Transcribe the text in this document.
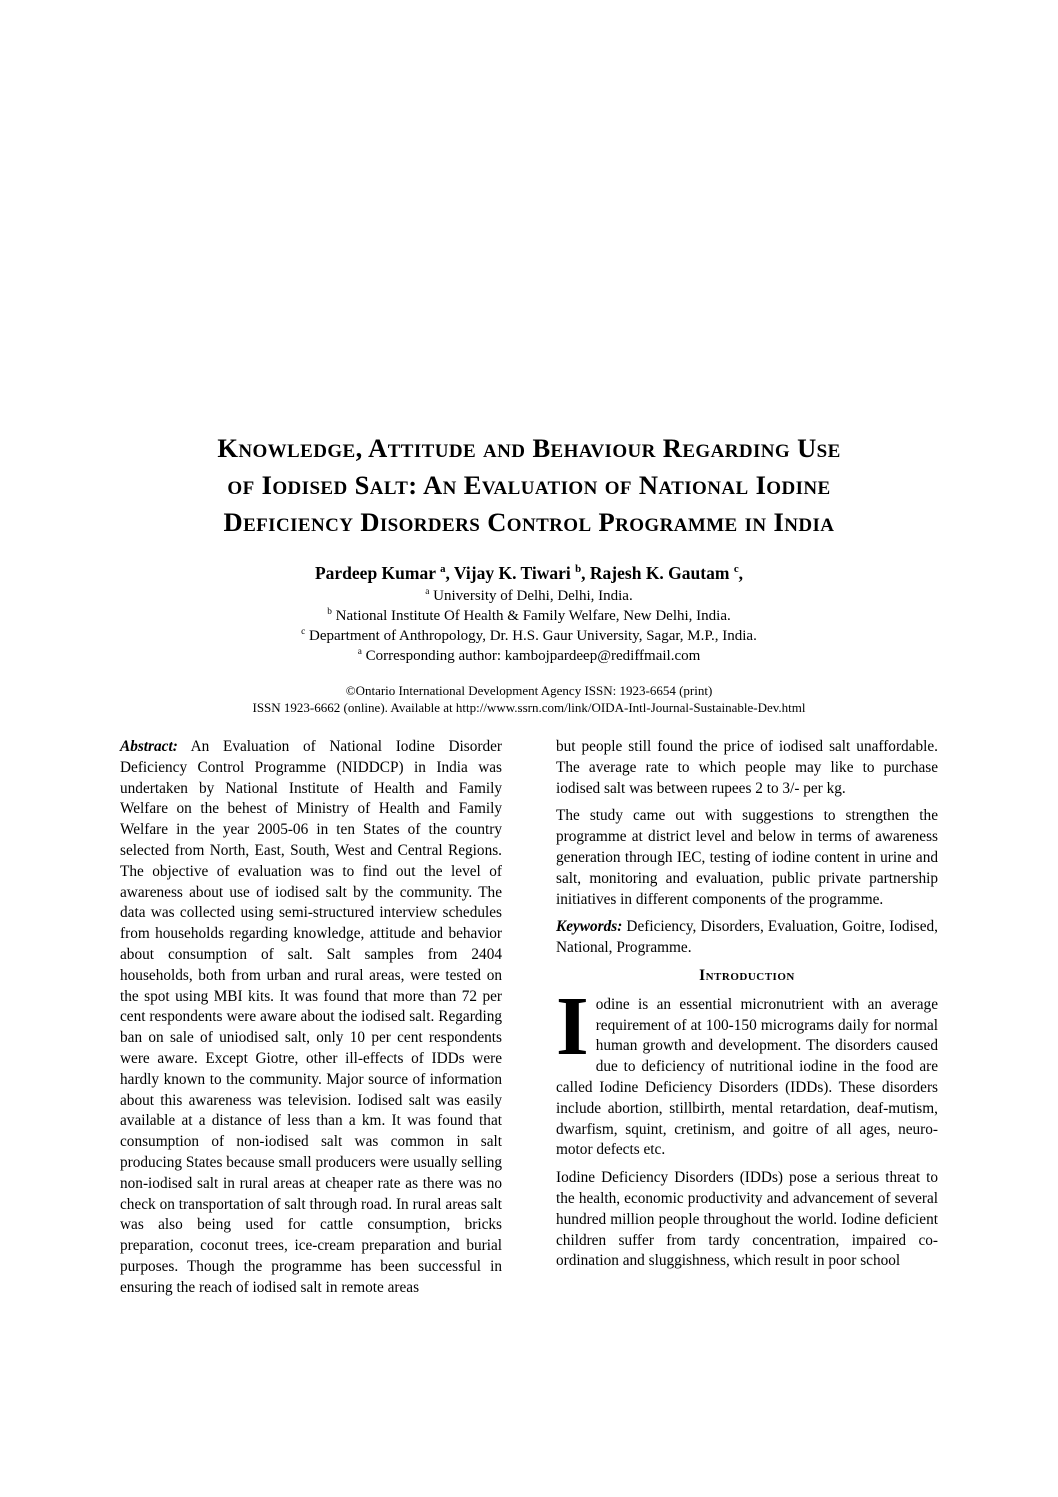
Knowledge, Attitude and Behaviour Regarding Use
of Iodised Salt: An Evaluation of National Iodine
Deficiency Disorders Control Programme in India
Pardeep Kumar $^a$, Vijay K. Tiwari $^b$, Rajesh K. Gautam $^c$,
$^a$ University of Delhi, Delhi, India.
$^b$ National Institute Of Health & Family Welfare, New Delhi, India.
$^c$ Department of Anthropology, Dr. H.S. Gaur University, Sagar, M.P., India.
$^a$ Corresponding author: kambojpardeep@rediffmail.com
©Ontario International Development Agency ISSN: 1923-6654 (print)
ISSN 1923-6662 (online). Available at http://www.ssrn.com/link/OIDA-Intl-Journal-Sustainable-Dev.html

Abstract: An Evaluation of National Iodine Disorder Deficiency Control Programme (NIDDCP) in India was undertaken by National Institute of Health and Family Welfare on the behest of Ministry of Health and Family Welfare in the year 2005-06 in ten States of the country selected from North, East, South, West and Central Regions. The objective of evaluation was to find out the level of awareness about use of iodised salt by the community. The data was collected using semi-structured interview schedules from households regarding knowledge, attitude and behavior about consumption of salt. Salt samples from 2404 households, both from urban and rural areas, were tested on the spot using MBI kits. It was found that more than 72 per cent respondents were aware about the iodised salt. Regarding ban on sale of uniodised salt, only 10 per cent respondents were aware. Except Giotre, other ill-effects of IDDs were hardly known to the community. Major source of information about this awareness was television. Iodised salt was easily available at a distance of less than a km. It was found that consumption of non-iodised salt was common in salt producing States because small producers were usually selling non-iodised salt in rural areas at cheaper rate as there was no check on transportation of salt through road. In rural areas salt was also being used for cattle consumption, bricks preparation, coconut trees, ice-cream preparation and burial purposes. Though the programme has been successful in ensuring the reach of iodised salt in remote areas

but people still found the price of iodised salt unaffordable. The average rate to which people may like to purchase iodised salt was between rupees 2 to 3/- per kg.

The study came out with suggestions to strengthen the programme at district level and below in terms of awareness generation through IEC, testing of iodine content in urine and salt, monitoring and evaluation, public private partnership initiatives in different components of the programme.

Keywords: Deficiency, Disorders, Evaluation, Goitre, Iodised, National, Programme.

Introduction

Iodine is an essential micronutrient with an average requirement of at 100-150 micrograms daily for normal human growth and development. The disorders caused due to deficiency of nutritional iodine in the food are called Iodine Deficiency Disorders (IDDs). These disorders include abortion, stillbirth, mental retardation, deaf-mutism, dwarfism, squint, cretinism, and goitre of all ages, neuro-motor defects etc.

Iodine Deficiency Disorders (IDDs) pose a serious threat to the health, economic productivity and advancement of several hundred million people throughout the world. Iodine deficient children suffer from tardy concentration, impaired co-ordination and sluggishness, which result in poor school
